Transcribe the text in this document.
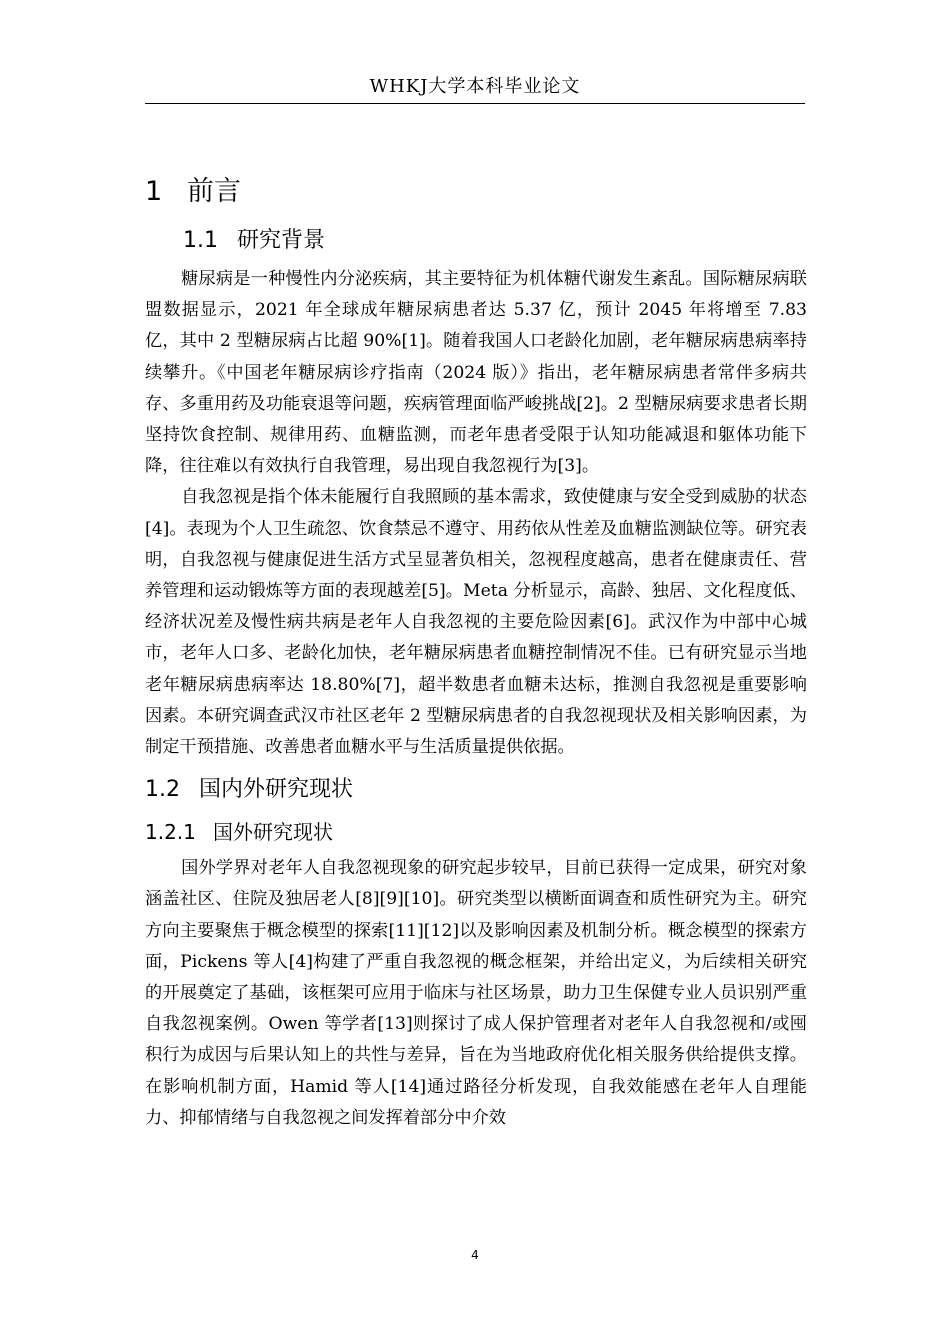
WHKJ大学本科毕业论文
1 前言
1.1 研究背景

糖尿病是一种慢性内分泌疾病，其主要特征为机体糖代谢发生紊乱。国际糖尿病联盟数据显示，2021 年全球成年糖尿病患者达 5.37 亿，预计 2045 年将增至 7.83 亿，其中 2 型糖尿病占比超 90%[1]。随着我国人口老龄化加剧，老年糖尿病患病率持续攀升。《中国老年糖尿病诊疗指南（2024 版）》指出，老年糖尿病患者常伴多病共存、多重用药及功能衰退等问题，疾病管理面临严峻挑战[2]。2 型糖尿病要求患者长期坚持饮食控制、规律用药、血糖监测，而老年患者受限于认知功能减退和躯体功能下降，往往难以有效执行自我管理，易出现自我忽视行为[3]。

自我忽视是指个体未能履行自我照顾的基本需求，致使健康与安全受到威胁的状态[4]。表现为个人卫生疏忽、饮食禁忌不遵守、用药依从性差及血糖监测缺位等。研究表明，自我忽视与健康促进生活方式呈显著负相关，忽视程度越高，患者在健康责任、营养管理和运动锻炼等方面的表现越差[5]。Meta 分析显示，高龄、独居、文化程度低、经济状况差及慢性病共病是老年人自我忽视的主要危险因素[6]。武汉作为中部中心城市，老年人口多、老龄化加快，老年糖尿病患者血糖控制情况不佳。已有研究显示当地老年糖尿病患病率达 18.80%[7]，超半数患者血糖未达标，推测自我忽视是重要影响因素。本研究调查武汉市社区老年 2 型糖尿病患者的自我忽视现状及相关影响因素，为制定干预措施、改善患者血糖水平与生活质量提供依据。

1.2 国内外研究现状
1.2.1 国外研究现状

国外学界对老年人自我忽视现象的研究起步较早，目前已获得一定成果，研究对象涵盖社区、住院及独居老人[8][9][10]。研究类型以横断面调查和质性研究为主。研究方向主要聚焦于概念模型的探索[11][12]以及影响因素及机制分析。概念模型的探索方面，Pickens 等人[4]构建了严重自我忽视的概念框架，并给出定义，为后续相关研究的开展奠定了基础，该框架可应用于临床与社区场景，助力卫生保健专业人员识别严重自我忽视案例。Owen 等学者[13]则探讨了成人保护管理者对老年人自我忽视和/或囤积行为成因与后果认知上的共性与差异，旨在为当地政府优化相关服务供给提供支撑。在影响机制方面，Hamid 等人[14]通过路径分析发现，自我效能感在老年人自理能力、抑郁情绪与自我忽视之间发挥着部分中介效

4
